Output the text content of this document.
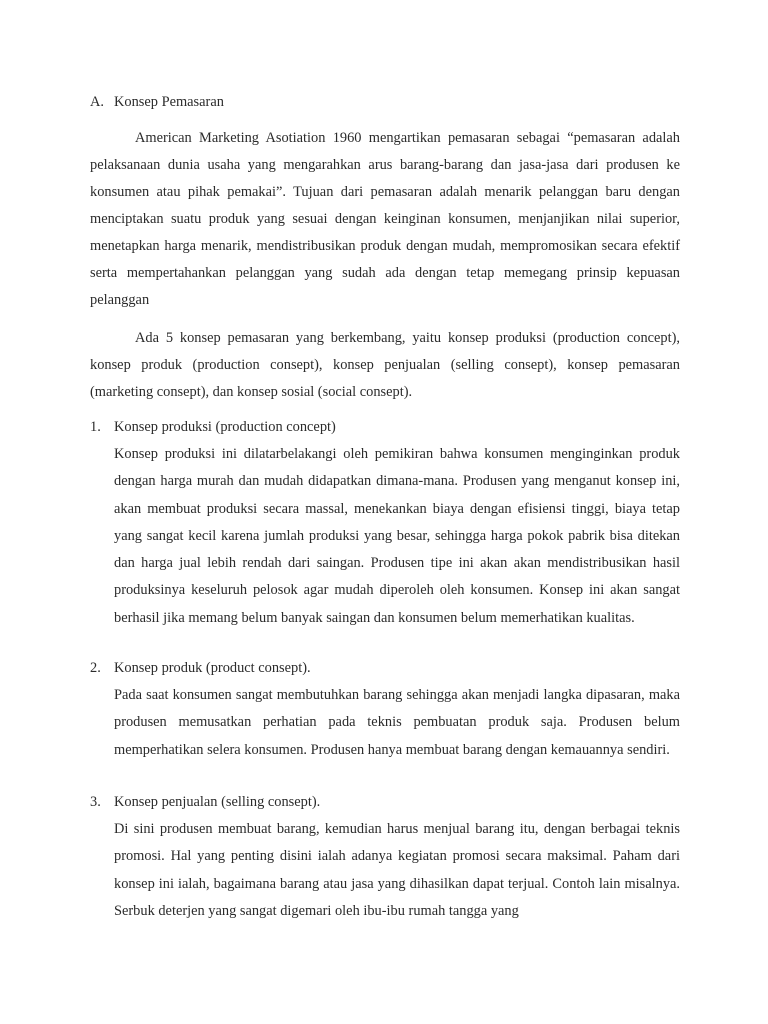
A. Konsep Pemasaran

American Marketing Asotiation 1960 mengartikan pemasaran sebagai “pemasaran adalah pelaksanaan dunia usaha yang mengarahkan arus barang-barang dan jasa-jasa dari produsen ke konsumen atau pihak pemakai”. Tujuan dari pemasaran adalah menarik pelanggan baru dengan menciptakan suatu produk yang sesuai dengan keinginan konsumen, menjanjikan nilai superior, menetapkan harga menarik, mendistribusikan produk dengan mudah, mempromosikan secara efektif serta mempertahankan pelanggan yang sudah ada dengan tetap memegang prinsip kepuasan pelanggan

Ada 5 konsep pemasaran yang berkembang, yaitu konsep produksi (production concept), konsep produk (production consept), konsep penjualan (selling consept), konsep pemasaran (marketing consept), dan konsep sosial (social consept).

1. Konsep produksi (production concept)

Konsep produksi ini dilatarbelakangi oleh pemikiran bahwa konsumen menginginkan produk dengan harga murah dan mudah didapatkan dimana-mana. Produsen yang menganut konsep ini, akan membuat produksi secara massal, menekankan biaya dengan efisiensi tinggi, biaya tetap yang sangat kecil karena jumlah produksi yang besar, sehingga harga pokok pabrik bisa ditekan dan harga jual lebih rendah dari saingan. Produsen tipe ini akan akan mendistribusikan hasil produksinya keseluruh pelosok agar mudah diperoleh oleh konsumen. Konsep ini akan sangat berhasil jika memang belum banyak saingan dan konsumen belum memerhatikan kualitas.

2. Konsep produk (product consept).

Pada saat konsumen sangat membutuhkan barang sehingga akan menjadi langka dipasaran, maka produsen memusatkan perhatian pada teknis pembuatan produk saja. Produsen belum memperhatikan selera konsumen. Produsen hanya membuat barang dengan kemauannya sendiri.

3. Konsep penjualan (selling consept).

Di sini produsen membuat barang, kemudian harus menjual barang itu, dengan berbagai teknis promosi. Hal yang penting disini ialah adanya kegiatan promosi secara maksimal. Paham dari konsep ini ialah, bagaimana barang atau jasa yang dihasilkan dapat terjual. Contoh lain misalnya. Serbuk deterjen yang sangat digemari oleh ibu-ibu rumah tangga yang
